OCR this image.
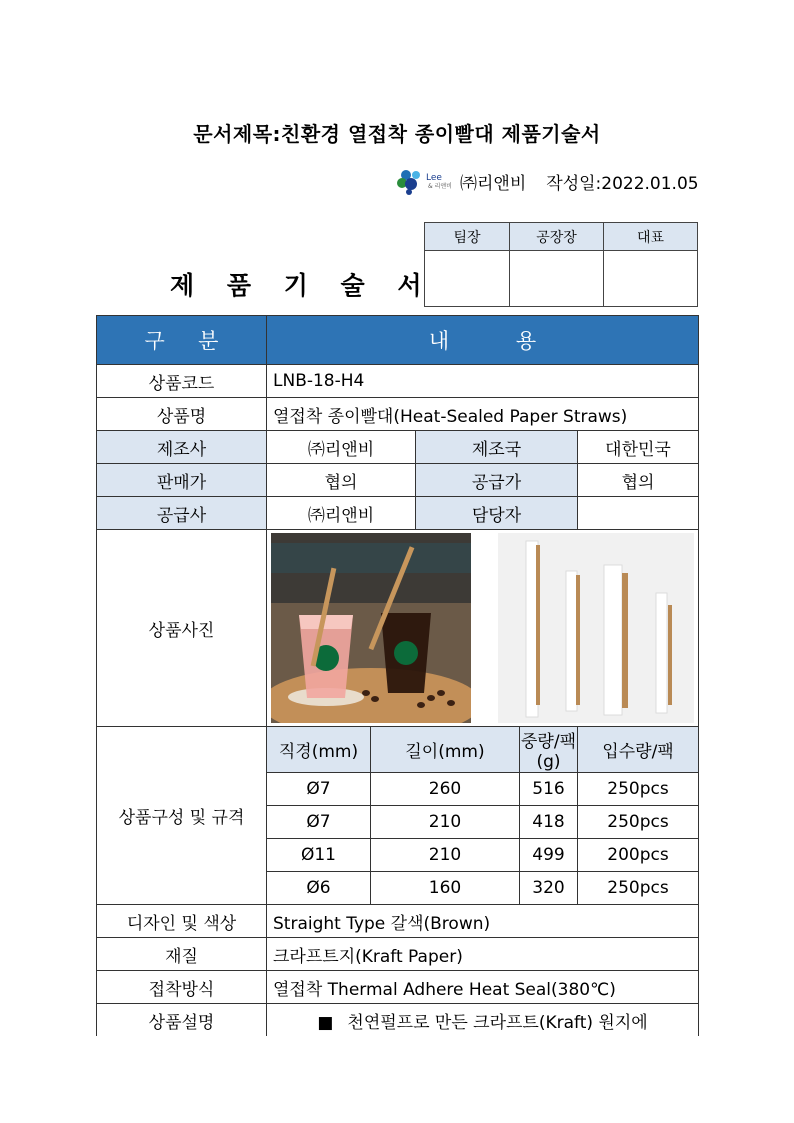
문서제목:친환경 열접착 종이빨대 제품기술서
Lee
& 리앤비 ㈜리앤비 작성일:2022.01.05
팀장	공장장	대표

제 품 기 술 서
구     분	내          용				
상품코드	LNB-18-H4				
상품명	열접착 종이빨대(Heat-Sealed Paper Straws)				
제조사	㈜리앤비		제조국		대한민국
판매가	협의		공급가		협의
공급사	㈜리앤비		담당자		
상품사진	

상품구성 및 규격	직경(mm)	길이(mm)		중량/팩(g)	입수량/팩
	Ø7	260		516	250pcs
	Ø7	210		418	250pcs
	Ø11	210		499	200pcs
	Ø6	160		320	250pcs
디자인 및 색상	Straight Type 갈색(Brown)				
재질	크라프트지(Kraft Paper)				
접착방식	열접착 Thermal Adhere Heat Seal(380℃)				
상품설명	■ 천연펄프로 만든 크라프트(Kraft) 원지에				
